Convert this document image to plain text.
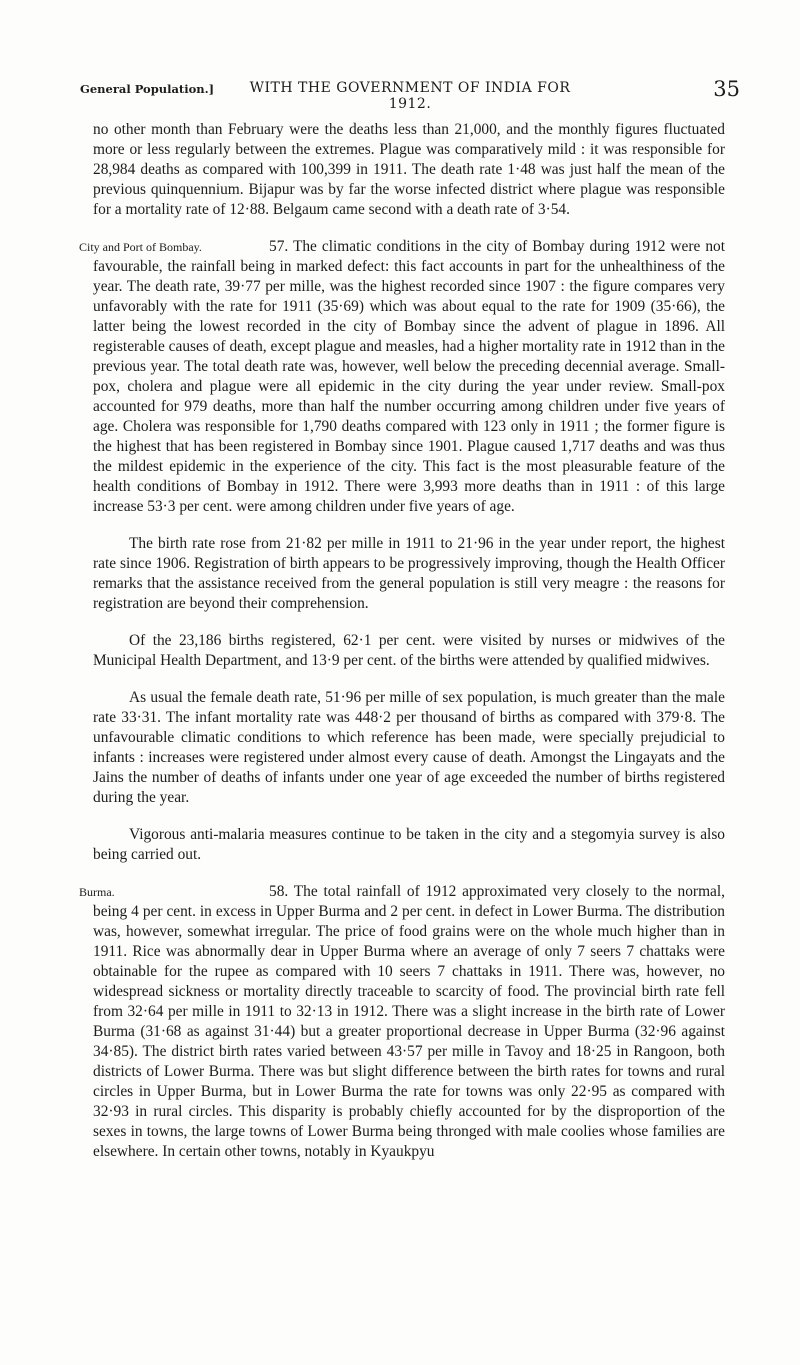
General Population.]	WITH THE GOVERNMENT OF INDIA FOR 1912.
35

no other month than February were the deaths less than 21,000, and the monthly figures fluctuated more or less regularly between the extremes. Plague was comparatively mild : it was responsible for 28,984 deaths as compared with 100,399 in 1911. The death rate 1·48 was just half the mean of the previous quinquennium. Bijapur was by far the worse infected district where plague was responsible for a mortality rate of 12·88. Belgaum came second with a death rate of 3·54.

City and Port of Bombay.	57. The climatic conditions in the city of Bombay during 1912 were not favourable, the rainfall being in marked defect: this fact accounts in part for the unhealthiness of the year. The death rate, 39·77 per mille, was the highest recorded since 1907 : the figure compares very unfavorably with the rate for 1911 (35·69) which was about equal to the rate for 1909 (35·66), the latter being the lowest recorded in the city of Bombay since the advent of plague in 1896. All registerable causes of death, except plague and measles, had a higher mortality rate in 1912 than in the previous year. The total death rate was, however, well below the preceding decennial average. Small-pox, cholera and plague were all epidemic in the city during the year under review. Small-pox accounted for 979 deaths, more than half the number occurring among children under five years of age. Cholera was responsible for 1,790 deaths compared with 123 only in 1911 ; the former figure is the highest that has been registered in Bombay since 1901. Plague caused 1,717 deaths and was thus the mildest epidemic in the experience of the city. This fact is the most pleasurable feature of the health conditions of Bombay in 1912. There were 3,993 more deaths than in 1911 : of this large increase 53·3 per cent. were among children under five years of age.

The birth rate rose from 21·82 per mille in 1911 to 21·96 in the year under report, the highest rate since 1906. Registration of birth appears to be progressively improving, though the Health Officer remarks that the assistance received from the general population is still very meagre : the reasons for registration are beyond their comprehension.

Of the 23,186 births registered, 62·1 per cent. were visited by nurses or midwives of the Municipal Health Department, and 13·9 per cent. of the births were attended by qualified midwives.

As usual the female death rate, 51·96 per mille of sex population, is much greater than the male rate 33·31. The infant mortality rate was 448·2 per thousand of births as compared with 379·8. The unfavourable climatic conditions to which reference has been made, were specially prejudicial to infants : increases were registered under almost every cause of death. Amongst the Lingayats and the Jains the number of deaths of infants under one year of age exceeded the number of births registered during the year.

Vigorous anti-malaria measures continue to be taken in the city and a stegomyia survey is also being carried out.

Burma.	58. The total rainfall of 1912 approximated very closely to the normal, being 4 per cent. in excess in Upper Burma and 2 per cent. in defect in Lower Burma. The distribution was, however, somewhat irregular. The price of food grains were on the whole much higher than in 1911. Rice was abnormally dear in Upper Burma where an average of only 7 seers 7 chattaks were obtainable for the rupee as compared with 10 seers 7 chattaks in 1911. There was, however, no widespread sickness or mortality directly traceable to scarcity of food. The provincial birth rate fell from 32·64 per mille in 1911 to 32·13 in 1912. There was a slight increase in the birth rate of Lower Burma (31·68 as against 31·44) but a greater proportional decrease in Upper Burma (32·96 against 34·85). The district birth rates varied between 43·57 per mille in Tavoy and 18·25 in Rangoon, both districts of Lower Burma. There was but slight difference between the birth rates for towns and rural circles in Upper Burma, but in Lower Burma the rate for towns was only 22·95 as compared with 32·93 in rural circles. This disparity is probably chiefly accounted for by the disproportion of the sexes in towns, the large towns of Lower Burma being thronged with male coolies whose families are elsewhere. In certain other towns, notably in Kyaukpyu
